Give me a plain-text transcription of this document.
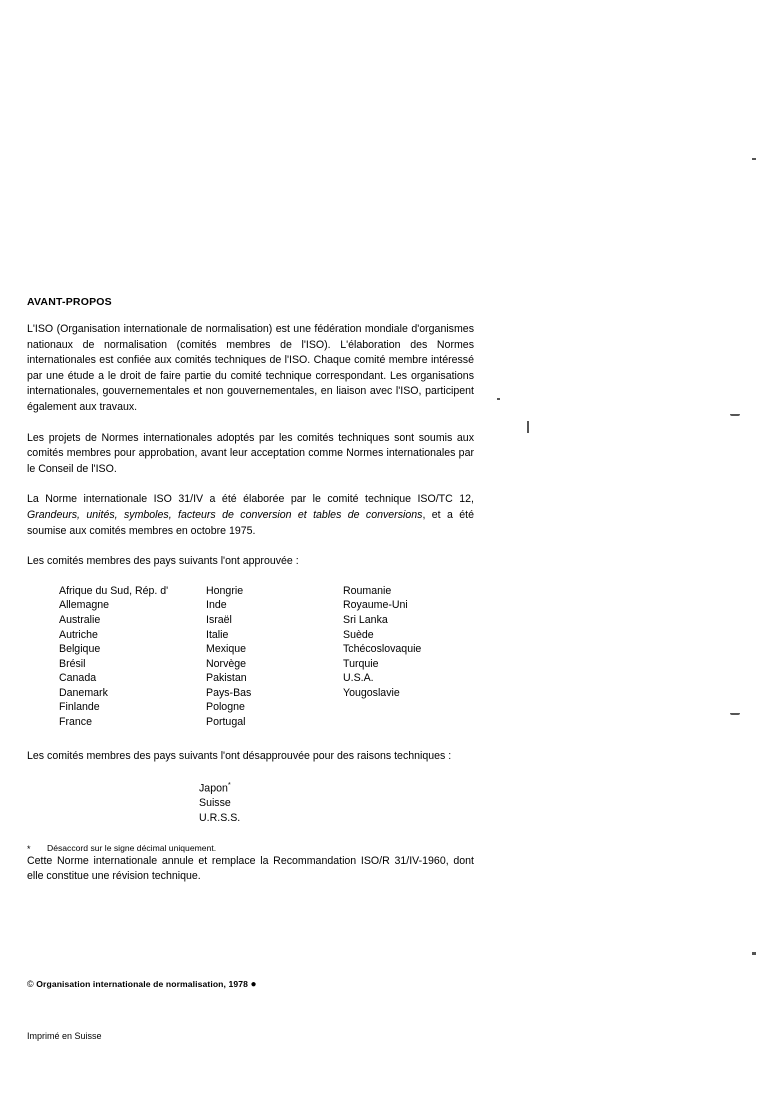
AVANT-PROPOS

L'ISO (Organisation internationale de normalisation) est une fédération mondiale d'organismes nationaux de normalisation (comités membres de l'ISO). L'élaboration des Normes internationales est confiée aux comités techniques de l'ISO. Chaque comité membre intéressé par une étude a le droit de faire partie du comité technique correspondant. Les organisations internationales, gouvernementales et non gouvernementales, en liaison avec l'ISO, participent également aux travaux.

Les projets de Normes internationales adoptés par les comités techniques sont soumis aux comités membres pour approbation, avant leur acceptation comme Normes internationales par le Conseil de l'ISO.

La Norme internationale ISO 31/IV a été élaborée par le comité technique ISO/TC 12, Grandeurs, unités, symboles, facteurs de conversion et tables de conversions, et a été soumise aux comités membres en octobre 1975.

Les comités membres des pays suivants l'ont approuvée :

Afrique du Sud, Rép. d'
Allemagne
Australie
Autriche
Belgique
Brésil
Canada
Danemark
Finlande
France
Hongrie
Inde
Israël
Italie
Mexique
Norvège
Pakistan
Pays-Bas
Pologne
Portugal
Roumanie
Royaume-Uni
Sri Lanka
Suède
Tchécoslovaquie
Turquie
U.S.A.
Yougoslavie

Les comités membres des pays suivants l'ont désapprouvée pour des raisons techniques :

Japon*
Suisse
U.R.S.S.
* Désaccord sur le signe décimal uniquement.

Cette Norme internationale annule et remplace la Recommandation ISO/R 31/IV-1960, dont elle constitue une révision technique.

© Organisation internationale de normalisation, 1978 ●
Imprimé en Suisse
